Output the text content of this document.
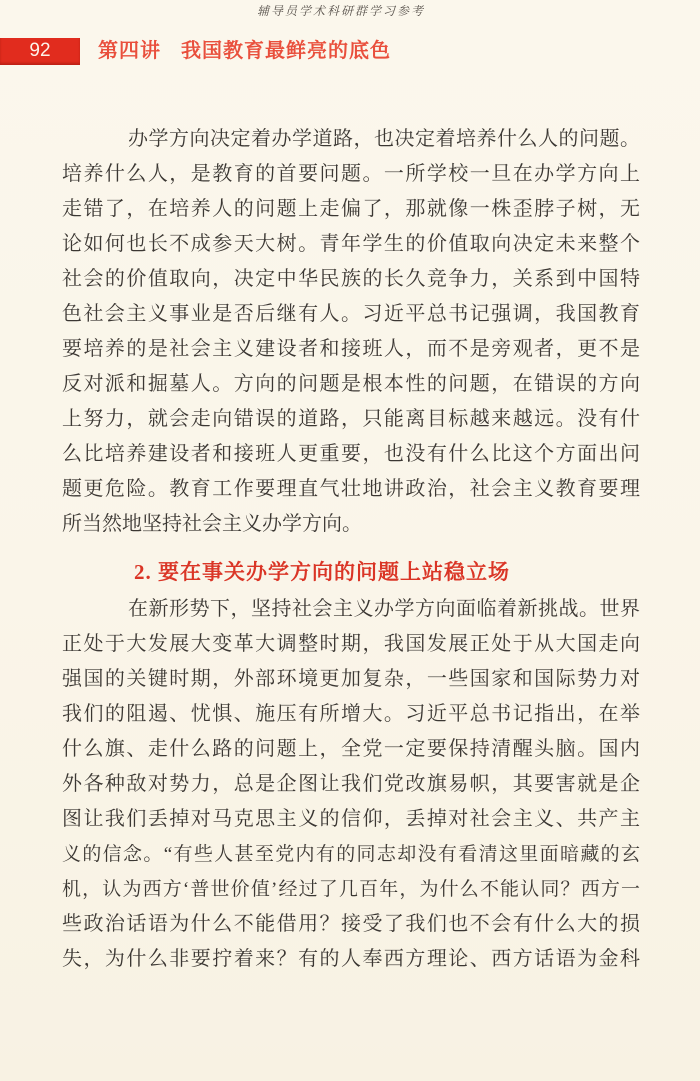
辅导员学术科研群学习参考
92	第四讲 我国教育最鲜亮的底色
办学方向决定着办学道路，也决定着培养什么人的问题。
培养什么人，是教育的首要问题。一所学校一旦在办学方向上
走错了，在培养人的问题上走偏了，那就像一株歪脖子树，无
论如何也长不成参天大树。青年学生的价值取向决定未来整个
社会的价值取向，决定中华民族的长久竞争力，关系到中国特
色社会主义事业是否后继有人。习近平总书记强调，我国教育
要培养的是社会主义建设者和接班人，而不是旁观者，更不是
反对派和掘墓人。方向的问题是根本性的问题，在错误的方向
上努力，就会走向错误的道路，只能离目标越来越远。没有什
么比培养建设者和接班人更重要，也没有什么比这个方面出问
题更危险。教育工作要理直气壮地讲政治，社会主义教育要理
所当然地坚持社会主义办学方向。
2. 要在事关办学方向的问题上站稳立场
在新形势下，坚持社会主义办学方向面临着新挑战。世界
正处于大发展大变革大调整时期，我国发展正处于从大国走向
强国的关键时期，外部环境更加复杂，一些国家和国际势力对
我们的阻遏、忧惧、施压有所增大。习近平总书记指出，在举
什么旗、走什么路的问题上，全党一定要保持清醒头脑。国内
外各种敌对势力，总是企图让我们党改旗易帜，其要害就是企
图让我们丢掉对马克思主义的信仰，丢掉对社会主义、共产主
义的信念。“有些人甚至党内有的同志却没有看清这里面暗藏的玄
机，认为西方‘普世价值’经过了几百年，为什么不能认同？西方一
些政治话语为什么不能借用？接受了我们也不会有什么大的损
失，为什么非要拧着来？有的人奉西方理论、西方话语为金科
